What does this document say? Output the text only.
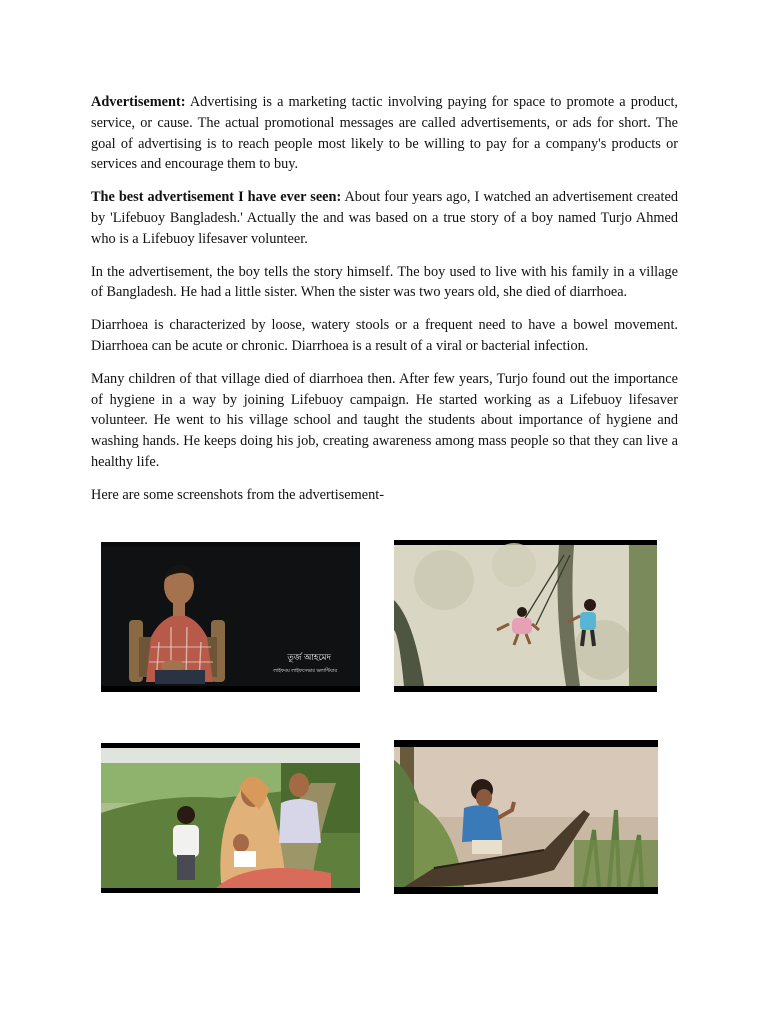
Advertisement: Advertising is a marketing tactic involving paying for space to promote a product, service, or cause. The actual promotional messages are called advertisements, or ads for short. The goal of advertising is to reach people most likely to be willing to pay for a company's products or services and encourage them to buy.

The best advertisement I have ever seen: About four years ago, I watched an advertisement created by 'Lifebuoy Bangladesh.' Actually the and was based on a true story of a boy named Turjo Ahmed who is a Lifebuoy lifesaver volunteer.

In the advertisement, the boy tells the story himself. The boy used to live with his family in a village of Bangladesh. He had a little sister. When the sister was two years old, she died of diarrhoea.

Diarrhoea is characterized by loose, watery stools or a frequent need to have a bowel movement. Diarrhoea can be acute or chronic. Diarrhoea is a result of a viral or bacterial infection.

Many children of that village died of diarrhoea then. After few years, Turjo found out the importance of hygiene in a way by joining Lifebuoy campaign. He started working as a Lifebuoy lifesaver volunteer. He went to his village school and taught the students about importance of hygiene and washing hands. He keeps doing his job, creating awareness among mass people so that they can live a healthy life.

Here are some screenshots from the advertisement-

তূর্জ আহমেদ
লাইফবয় লাইফসেভার ভলান্টিয়ার
